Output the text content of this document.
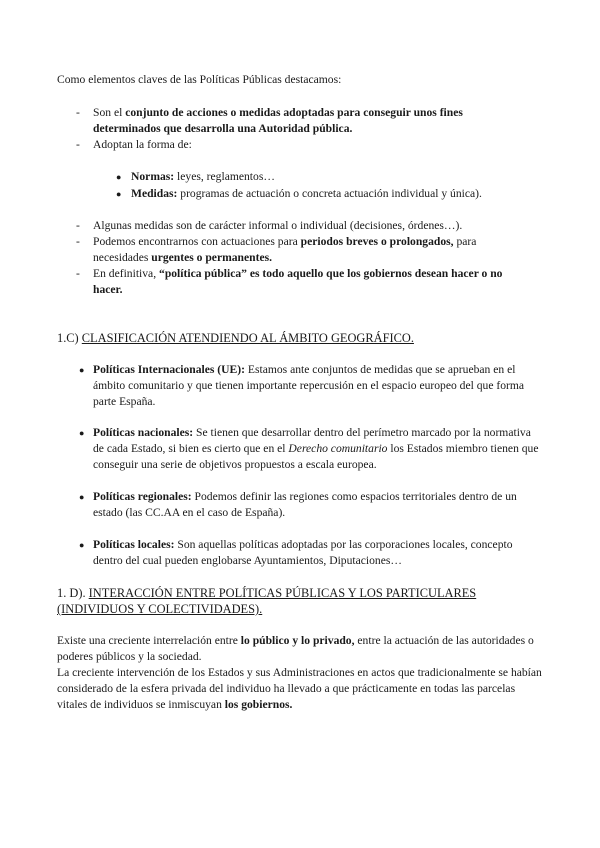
Como elementos claves de las Políticas Públicas destacamos:

-	Son el conjunto de acciones o medidas adoptadas para conseguir unos fines determinados que desarrolla una Autoridad pública.
-	Adoptan la forma de:
● Normas: leyes, reglamentos…
● Medidas: programas de actuación o concreta actuación individual y única).
-	Algunas medidas son de carácter informal o individual (decisiones, órdenes…).
-	Podemos encontrarnos con actuaciones para periodos breves o prolongados, para necesidades urgentes o permanentes.
-	En definitiva, “política pública” es todo aquello que los gobiernos desean hacer o no hacer.
1.C) CLASIFICACIÓN ATENDIENDO AL ÁMBITO GEOGRÁFICO.
● Políticas Internacionales (UE): Estamos ante conjuntos de medidas que se aprueban en el ámbito comunitario y que tienen importante repercusión en el espacio europeo del que forma parte España.
● Políticas nacionales: Se tienen que desarrollar dentro del perímetro marcado por la normativa de cada Estado, si bien es cierto que en el Derecho comunitario los Estados miembro tienen que conseguir una serie de objetivos propuestos a escala europea.
● Políticas regionales: Podemos definir las regiones como espacios territoriales dentro de un estado (las CC.AA en el caso de España).
● Políticas locales: Son aquellas políticas adoptadas por las corporaciones locales, concepto dentro del cual pueden englobarse Ayuntamientos, Diputaciones…
1. D). INTERACCIÓN ENTRE POLÍTICAS PÚBLICAS Y LOS PARTICULARES (INDIVIDUOS Y COLECTIVIDADES).

Existe una creciente interrelación entre lo público y lo privado, entre la actuación de las autoridades o poderes públicos y la sociedad.

La creciente intervención de los Estados y sus Administraciones en actos que tradicionalmente se habían considerado de la esfera privada del individuo ha llevado a que prácticamente en todas las parcelas vitales de individuos se inmiscuyan los gobiernos.
